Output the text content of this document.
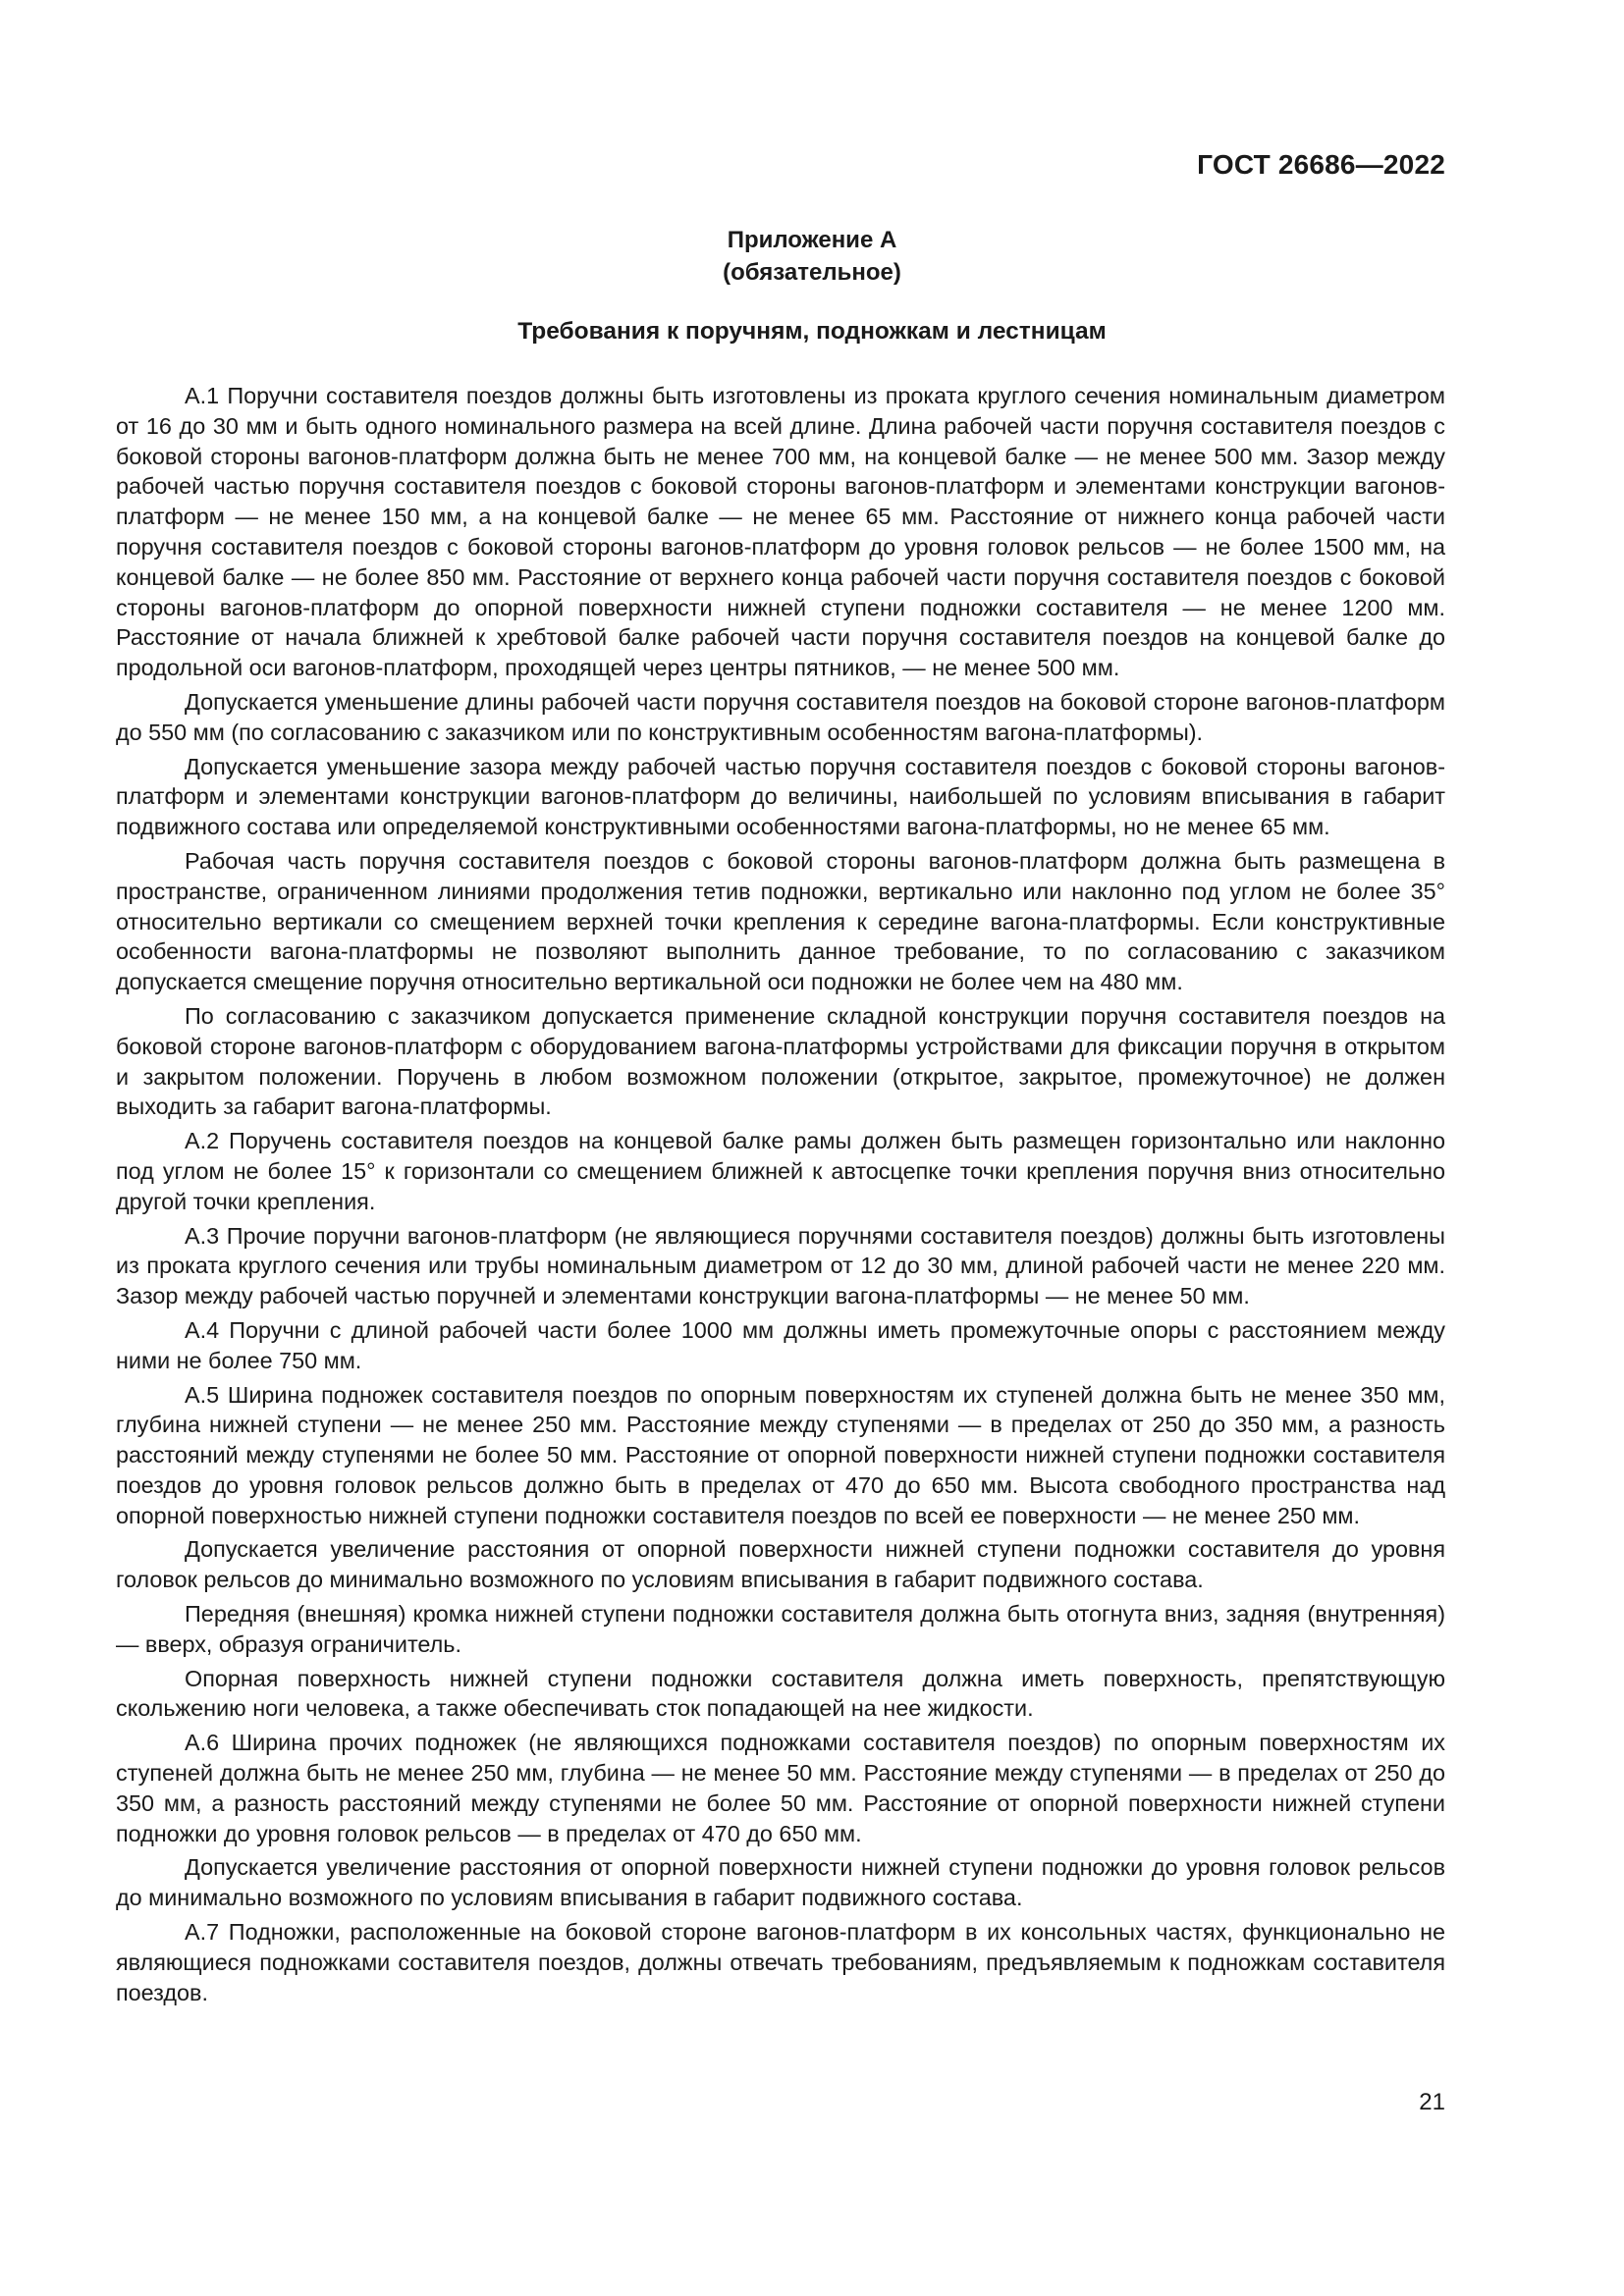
ГОСТ 26686—2022
Приложение А
(обязательное)
Требования к поручням, подножкам и лестницам

А.1 Поручни составителя поездов должны быть изготовлены из проката круглого сечения номинальным диаметром от 16 до 30 мм и быть одного номинального размера на всей длине. Длина рабочей части поручня составителя поездов с боковой стороны вагонов-платформ должна быть не менее 700 мм, на концевой балке — не менее 500 мм. Зазор между рабочей частью поручня составителя поездов с боковой стороны вагонов-платформ и элементами конструкции вагонов-платформ — не менее 150 мм, а на концевой балке — не менее 65 мм. Расстояние от нижнего конца рабочей части поручня составителя поездов с боковой стороны вагонов-платформ до уровня головок рельсов — не более 1500 мм, на концевой балке — не более 850 мм. Расстояние от верхнего конца рабочей части поручня составителя поездов с боковой стороны вагонов-платформ до опорной поверхности нижней ступени подножки составителя — не менее 1200 мм. Расстояние от начала ближней к хребтовой балке рабочей части поручня составителя поездов на концевой балке до продольной оси вагонов-платформ, проходящей через центры пятников, — не менее 500 мм.

Допускается уменьшение длины рабочей части поручня составителя поездов на боковой стороне вагонов-платформ до 550 мм (по согласованию с заказчиком или по конструктивным особенностям вагона-платформы).

Допускается уменьшение зазора между рабочей частью поручня составителя поездов с боковой стороны вагонов-платформ и элементами конструкции вагонов-платформ до величины, наибольшей по условиям вписывания в габарит подвижного состава или определяемой конструктивными особенностями вагона-платформы, но не менее 65 мм.

Рабочая часть поручня составителя поездов с боковой стороны вагонов-платформ должна быть размещена в пространстве, ограниченном линиями продолжения тетив подножки, вертикально или наклонно под углом не более 35° относительно вертикали со смещением верхней точки крепления к середине вагона-платформы. Если конструктивные особенности вагона-платформы не позволяют выполнить данное требование, то по согласованию с заказчиком допускается смещение поручня относительно вертикальной оси подножки не более чем на 480 мм.

По согласованию с заказчиком допускается применение складной конструкции поручня составителя поездов на боковой стороне вагонов-платформ с оборудованием вагона-платформы устройствами для фиксации поручня в открытом и закрытом положении. Поручень в любом возможном положении (открытое, закрытое, промежуточное) не должен выходить за габарит вагона-платформы.

А.2 Поручень составителя поездов на концевой балке рамы должен быть размещен горизонтально или наклонно под углом не более 15° к горизонтали со смещением ближней к автосцепке точки крепления поручня вниз относительно другой точки крепления.

А.3 Прочие поручни вагонов-платформ (не являющиеся поручнями составителя поездов) должны быть изготовлены из проката круглого сечения или трубы номинальным диаметром от 12 до 30 мм, длиной рабочей части не менее 220 мм. Зазор между рабочей частью поручней и элементами конструкции вагона-платформы — не менее 50 мм.

А.4 Поручни с длиной рабочей части более 1000 мм должны иметь промежуточные опоры с расстоянием между ними не более 750 мм.

А.5 Ширина подножек составителя поездов по опорным поверхностям их ступеней должна быть не менее 350 мм, глубина нижней ступени — не менее 250 мм. Расстояние между ступенями — в пределах от 250 до 350 мм, а разность расстояний между ступенями не более 50 мм. Расстояние от опорной поверхности нижней ступени подножки составителя поездов до уровня головок рельсов должно быть в пределах от 470 до 650 мм. Высота свободного пространства над опорной поверхностью нижней ступени подножки составителя поездов по всей ее поверхности — не менее 250 мм.

Допускается увеличение расстояния от опорной поверхности нижней ступени подножки составителя до уровня головок рельсов до минимально возможного по условиям вписывания в габарит подвижного состава.

Передняя (внешняя) кромка нижней ступени подножки составителя должна быть отогнута вниз, задняя (внутренняя) — вверх, образуя ограничитель.

Опорная поверхность нижней ступени подножки составителя должна иметь поверхность, препятствующую скольжению ноги человека, а также обеспечивать сток попадающей на нее жидкости.

А.6 Ширина прочих подножек (не являющихся подножками составителя поездов) по опорным поверхностям их ступеней должна быть не менее 250 мм, глубина — не менее 50 мм. Расстояние между ступенями — в пределах от 250 до 350 мм, а разность расстояний между ступенями не более 50 мм. Расстояние от опорной поверхности нижней ступени подножки до уровня головок рельсов — в пределах от 470 до 650 мм.

Допускается увеличение расстояния от опорной поверхности нижней ступени подножки до уровня головок рельсов до минимально возможного по условиям вписывания в габарит подвижного состава.

А.7 Подножки, расположенные на боковой стороне вагонов-платформ в их консольных частях, функционально не являющиеся подножками составителя поездов, должны отвечать требованиям, предъявляемым к подножкам составителя поездов.

21
